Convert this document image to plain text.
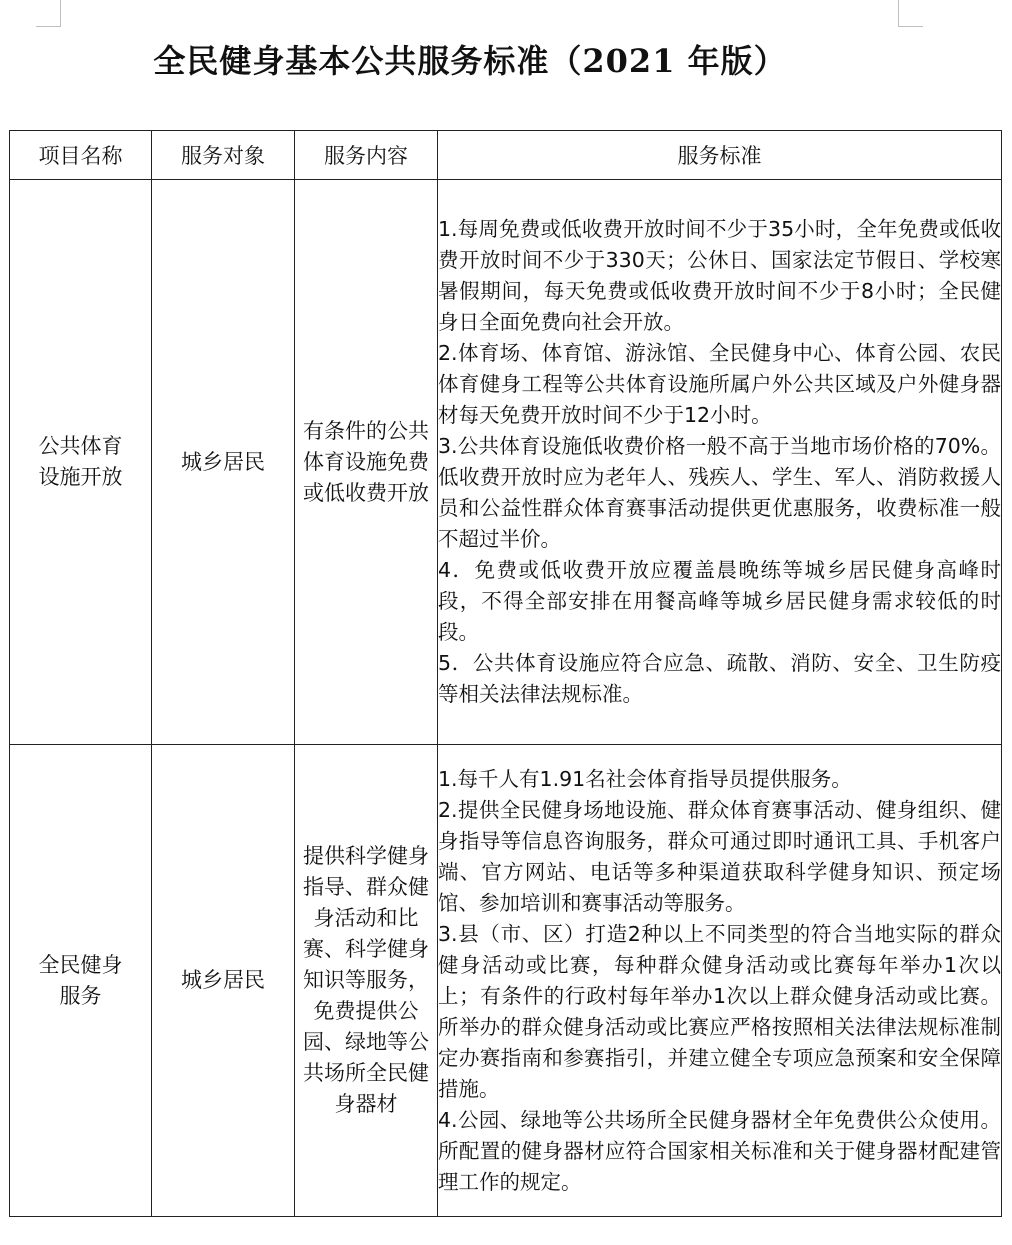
全民健身基本公共服务标准（2021 年版）
项目名称	服务对象	服务内容	服务标准

公共体育设施开放	城乡居民	有条件的公共体育设施免费或低收费开放	1.每周免费或低收费开放时间不少于35小时，全年免费或低收费开放时间不少于330天；公休日、国家法定节假日、学校寒暑假期间，每天免费或低收费开放时间不少于8小时；全民健身日全面免费向社会开放。

2.体育场、体育馆、游泳馆、全民健身中心、体育公园、农民体育健身工程等公共体育设施所属户外公共区域及户外健身器材每天免费开放时间不少于12小时。

3.公共体育设施低收费价格一般不高于当地市场价格的70%。低收费开放时应为老年人、残疾人、学生、军人、消防救援人员和公益性群众体育赛事活动提供更优惠服务，收费标准一般不超过半价。

4．免费或低收费开放应覆盖晨晚练等城乡居民健身高峰时段，不得全部安排在用餐高峰等城乡居民健身需求较低的时段。

5．公共体育设施应符合应急、疏散、消防、安全、卫生防疫等相关法律法规标准。

全民健身服务	城乡居民	提供科学健身指导、群众健身活动和比赛、科学健身知识等服务，免费提供公园、绿地等公共场所全民健身器材	1.每千人有1.91名社会体育指导员提供服务。

2.提供全民健身场地设施、群众体育赛事活动、健身组织、健身指导等信息咨询服务，群众可通过即时通讯工具、手机客户端、官方网站、电话等多种渠道获取科学健身知识、预定场馆、参加培训和赛事活动等服务。

3.县（市、区）打造2种以上不同类型的符合当地实际的群众健身活动或比赛，每种群众健身活动或比赛每年举办1次以上；有条件的行政村每年举办1次以上群众健身活动或比赛。所举办的群众健身活动或比赛应严格按照相关法律法规标准制定办赛指南和参赛指引，并建立健全专项应急预案和安全保障措施。

4.公园、绿地等公共场所全民健身器材全年免费供公众使用。所配置的健身器材应符合国家相关标准和关于健身器材配建管理工作的规定。
